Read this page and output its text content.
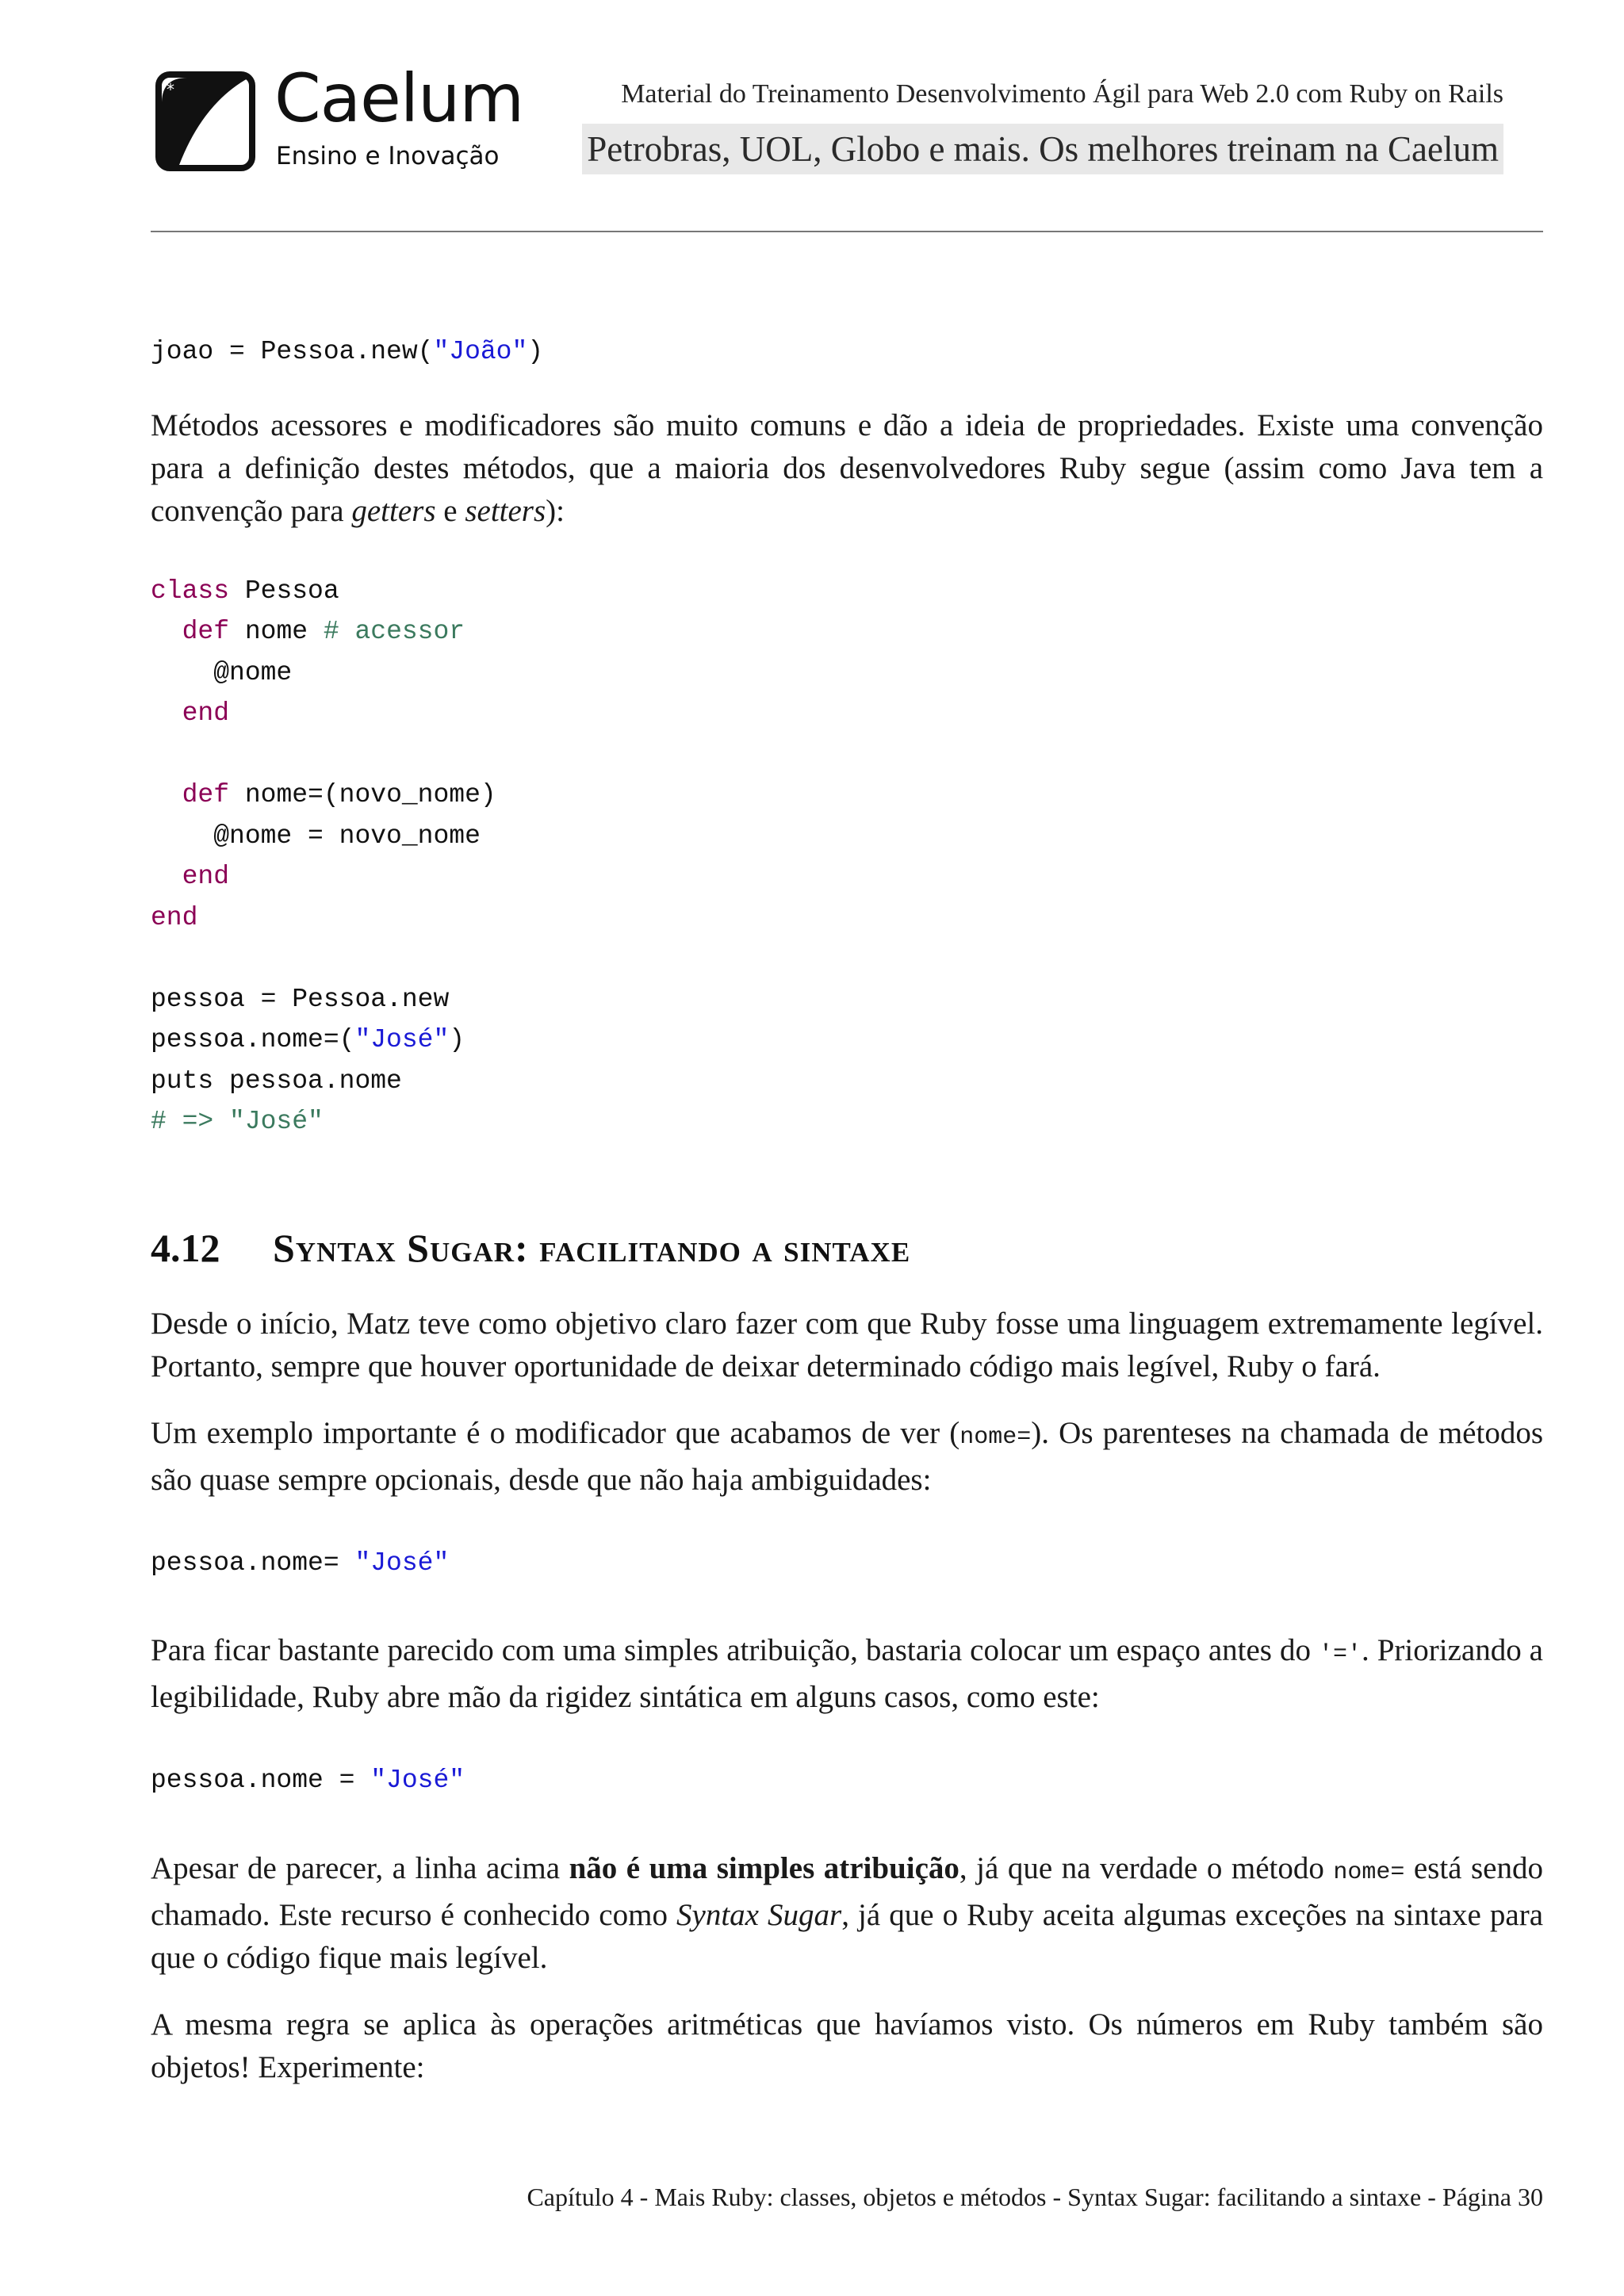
* Caelum
Ensino e Inovação
Material do Treinamento Desenvolvimento Ágil para Web 2.0 com Ruby on Rails
Petrobras, UOL, Globo e mais. Os melhores treinam na Caelum
joao = Pessoa.new("João")

Métodos acessores e modificadores são muito comuns e dão a ideia de propriedades. Existe uma convenção para a definição destes métodos, que a maioria dos desenvolvedores Ruby segue (assim como Java tem a convenção para getters e setters):

class Pessoa
def nome # acessor
@nome
end

def nome=(novo_nome)
@nome = novo_nome
end
end

pessoa = Pessoa.new
pessoa.nome=("José")
puts pessoa.nome
# => "José"
4.12 Syntax Sugar: facilitando a sintaxe

Desde o início, Matz teve como objetivo claro fazer com que Ruby fosse uma linguagem extremamente legível. Portanto, sempre que houver oportunidade de deixar determinado código mais legível, Ruby o fará.

Um exemplo importante é o modificador que acabamos de ver (nome=). Os parenteses na chamada de métodos são quase sempre opcionais, desde que não haja ambiguidades:

pessoa.nome= "José"

Para ficar bastante parecido com uma simples atribuição, bastaria colocar um espaço antes do '='. Priorizando a legibilidade, Ruby abre mão da rigidez sintática em alguns casos, como este:

pessoa.nome = "José"

Apesar de parecer, a linha acima não é uma simples atribuição, já que na verdade o método nome= está sendo chamado. Este recurso é conhecido como Syntax Sugar, já que o Ruby aceita algumas exceções na sintaxe para que o código fique mais legível.

A mesma regra se aplica às operações aritméticas que havíamos visto. Os números em Ruby também são objetos! Experimente:

Capítulo 4 - Mais Ruby: classes, objetos e métodos - Syntax Sugar: facilitando a sintaxe - Página 30
